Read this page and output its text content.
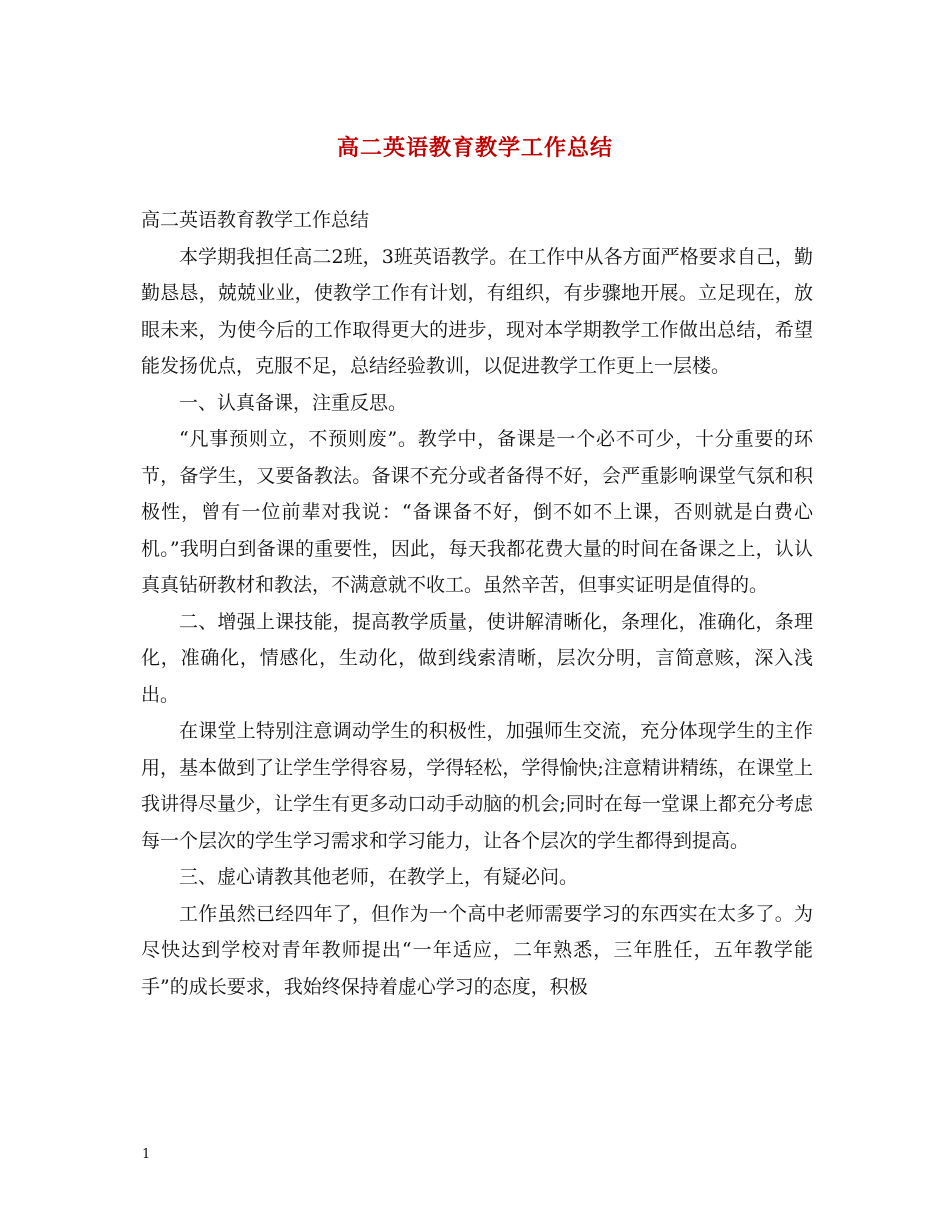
高二英语教育教学工作总结

高二英语教育教学工作总结

本学期我担任高二2班，3班英语教学。在工作中从各方面严格要求自己，勤勤恳恳，兢兢业业，使教学工作有计划，有组织，有步骤地开展。立足现在，放眼未来，为使今后的工作取得更大的进步，现对本学期教学工作做出总结，希望能发扬优点，克服不足，总结经验教训，以促进教学工作更上一层楼。

一、认真备课，注重反思。

“凡事预则立，不预则废”。教学中，备课是一个必不可少，十分重要的环节，备学生，又要备教法。备课不充分或者备得不好，会严重影响课堂气氛和积极性，曾有一位前辈对我说：“备课备不好，倒不如不上课，否则就是白费心机。”我明白到备课的重要性，因此，每天我都花费大量的时间在备课之上，认认真真钻研教材和教法，不满意就不收工。虽然辛苦，但事实证明是值得的。

二、增强上课技能，提高教学质量，使讲解清晰化，条理化，准确化，条理化，准确化，情感化，生动化，做到线索清晰，层次分明，言简意赅，深入浅出。

在课堂上特别注意调动学生的积极性，加强师生交流，充分体现学生的主作用，基本做到了让学生学得容易，学得轻松，学得愉快;注意精讲精练，在课堂上我讲得尽量少，让学生有更多动口动手动脑的机会;同时在每一堂课上都充分考虑每一个层次的学生学习需求和学习能力，让各个层次的学生都得到提高。

三、虚心请教其他老师，在教学上，有疑必问。

工作虽然已经四年了，但作为一个高中老师需要学习的东西实在太多了。为尽快达到学校对青年教师提出“一年适应，二年熟悉，三年胜任，五年教学能手”的成长要求，我始终保持着虚心学习的态度，积极

1
